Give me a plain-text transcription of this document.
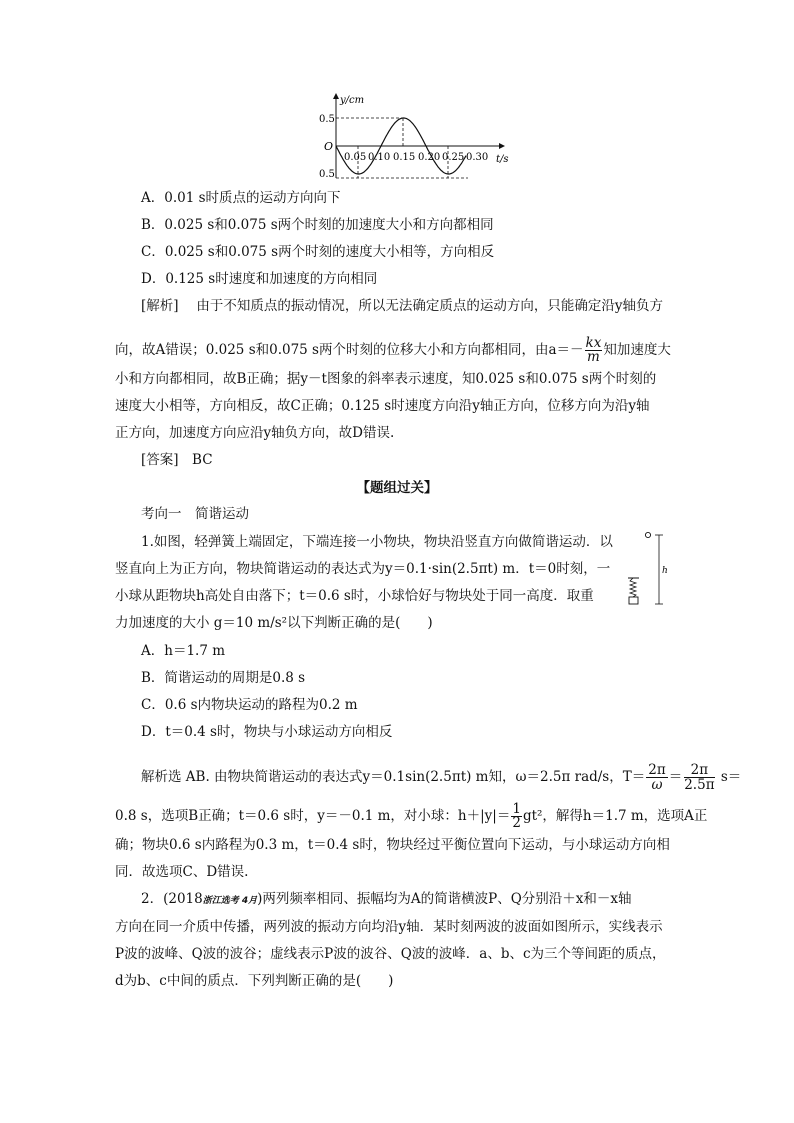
y/cm
t/s
O
0.5
0.5
0.05 0.10 0.15 0.20 0.25 0.30
A．0.01 s时质点的运动方向向下
B．0.025 s和0.075 s两个时刻的加速度大小和方向都相同
C．0.025 s和0.075 s两个时刻的速度大小相等，方向相反
D．0.125 s时速度和加速度的方向相同
[解析]　 由于不知质点的振动情况，所以无法确定质点的运动方向，只能确定沿y轴负方
向，故A错误；0.025 s和0.075 s两个时刻的位移大小和方向都相同，由$a=- \frac{kx}{m}$ 知加速度大
小和方向都相同，故B正确；据y－t图象的斜率表示速度，知0.025 s和0.075 s两个时刻的
速度大小相等，方向相反，故C正确；0.125 s时速度方向沿y轴正方向，位移方向为沿y轴
正方向，加速度方向应沿y轴负方向，故D错误.
[答案]　 BC
【题组过关】
考向一　简谐运动
1.如图，轻弹簧上端固定，下端连接一小物块，物块沿竖直方向做简谐运动．以
竖直向上为正方向，物块简谐运动的表达式为y＝0.1·sin(2.5πt) m．t＝0时刻，一
小球从距物块h高处自由落下；t＝0.6 s时，小球恰好与物块处于同一高度．取重
力加速度的大小 g＝10 m/s²以下判断正确的是(　　)
h
A．h＝1.7 m
B．简谐运动的周期是0.8 s
C．0.6 s内物块运动的路程为0.2 m
D．t＝0.4 s时，物块与小球运动方向相反
解析选 AB. 由物块简谐运动的表达式y＝0.1sin(2.5πt) m知，ω＝2.5π rad/s，$T= \frac{2\pi}{\omega} = \frac{2\pi}{2.5\pi} s=$
0.8 s，选项B正确；t＝0.6 s时，y＝－0.1 m，对小球：$h+|y|= \frac{1}{2} gt^2$，解得h＝1.7 m，选项A正
确；物块0.6 s内路程为0.3 m，t＝0.4 s时，物块经过平衡位置向下运动，与小球运动方向相
同．故选项C、D错误.
2．(2018浙江选考 4月)两列频率相同、振幅均为A的简谐横波P、Q分别沿＋x和－x轴
方向在同一介质中传播，两列波的振动方向均沿y轴．某时刻两波的波面如图所示，实线表示
P波的波峰、Q波的波谷；虚线表示P波的波谷、Q波的波峰．a、b、c为三个等间距的质点，
d为b、c中间的质点．下列判断正确的是(　　)
